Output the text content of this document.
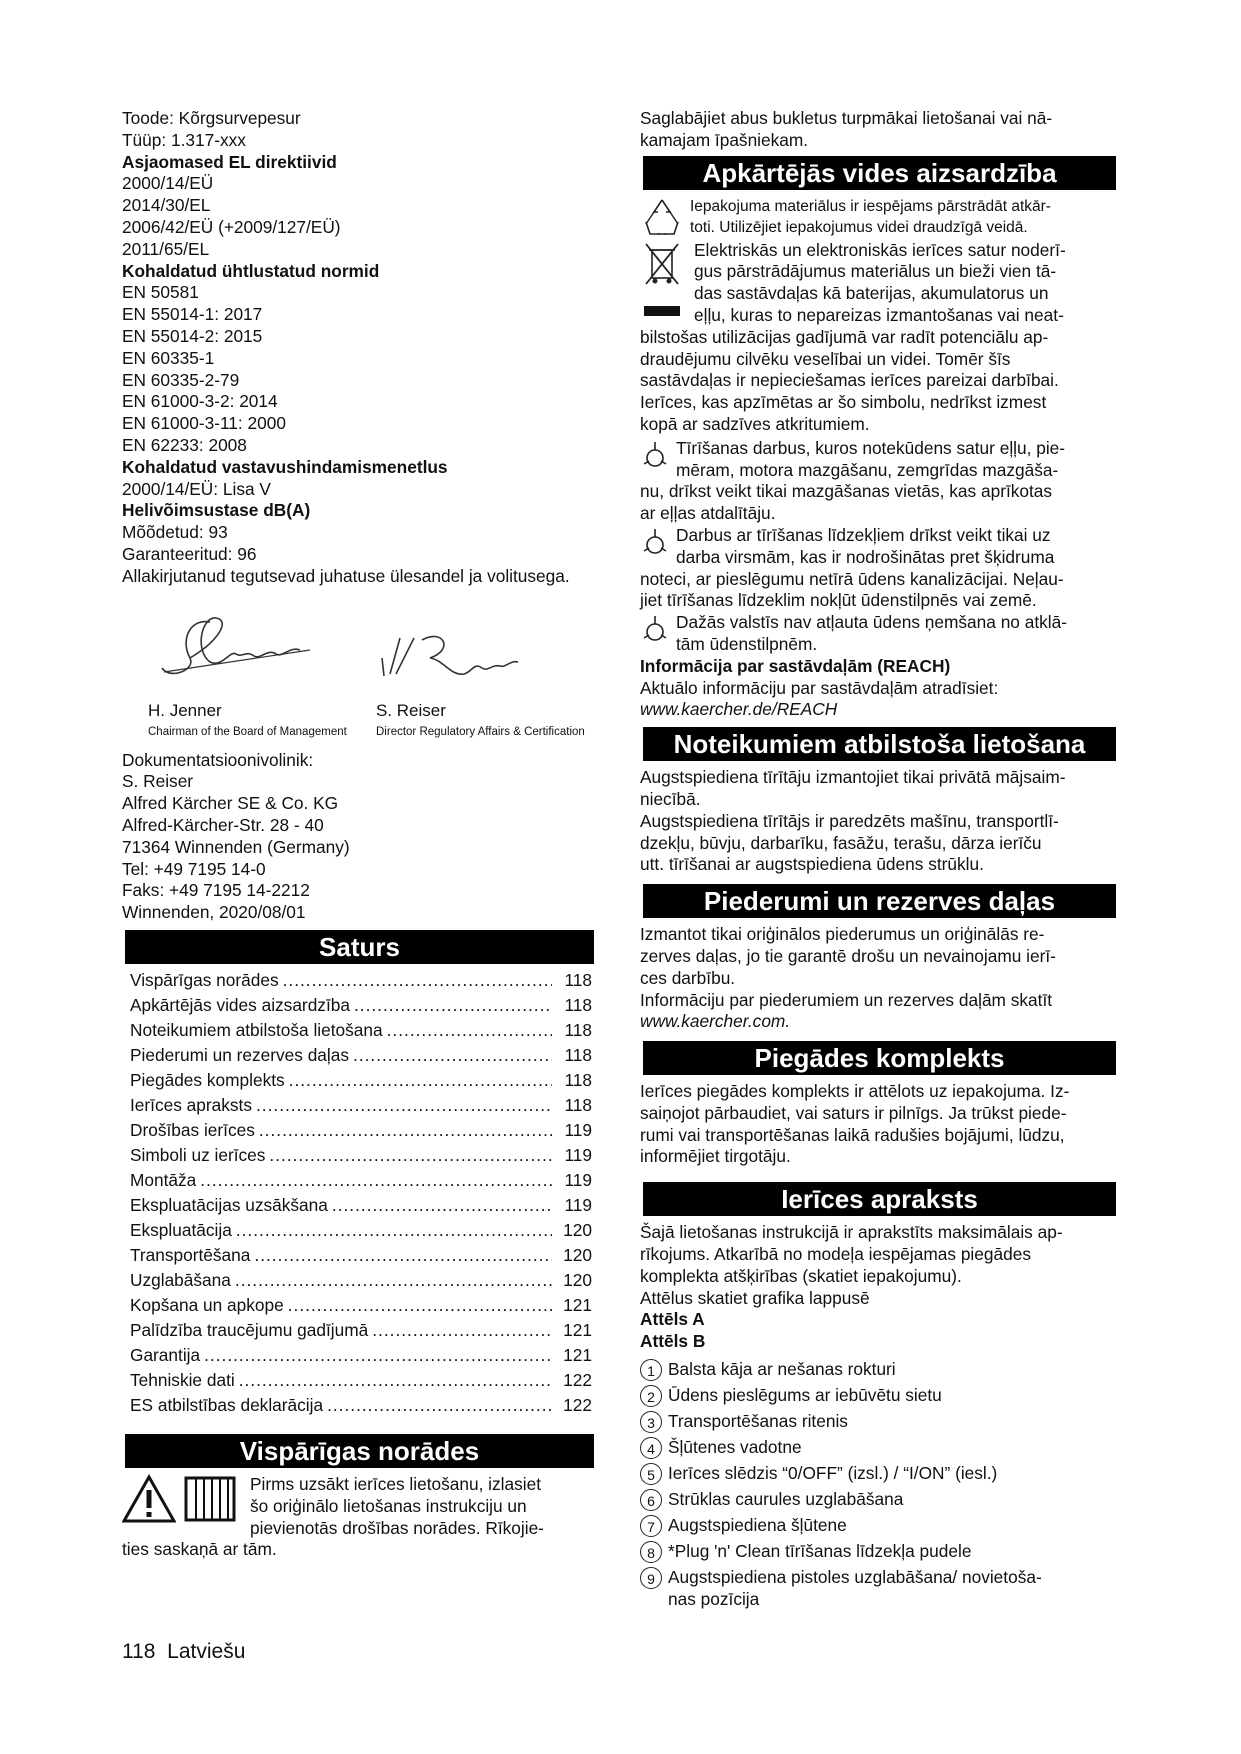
Toode: Kõrgsurvepesur
Tüüp: 1.317-xxx
Asjaomased EL direktiivid
2000/14/EÜ
2014/30/EL
2006/42/EÜ (+2009/127/EÜ)
2011/65/EL
Kohaldatud ühtlustatud normid
EN 50581
EN 55014-1: 2017
EN 55014-2: 2015
EN 60335-1
EN 60335-2-79
EN 61000-3-2: 2014
EN 61000-3-11: 2000
EN 62233: 2008
Kohaldatud vastavushindamismenetlus
2000/14/EÜ: Lisa V
Helivõimsustase dB(A)
Mõõdetud: 93
Garanteeritud: 96
Allakirjutanud tegutsevad juhatuse ülesandel ja volitusega.
H. Jenner
Chairman of the Board of Management
S. Reiser
Director Regulatory Affairs & Certification
Dokumentatsioonivolinik:
S. Reiser
Alfred Kärcher SE & Co. KG
Alfred-Kärcher-Str. 28 - 40
71364 Winnenden (Germany)
Tel: +49 7195 14-0
Faks: +49 7195 14-2212
Winnenden, 2020/08/01
Saturs
Vispārīgas norādes .....	118
Apkārtējās vides aizsardzība .....	118
Noteikumiem atbilstoša lietošana .....	118
Piederumi un rezerves daļas .....	118
Piegādes komplekts .....	118
Ierīces apraksts .....	118
Drošības ierīces .....	119
Simboli uz ierīces .....	119
Montāža .....	119
Ekspluatācijas uzsākšana .....	119
Ekspluatācija .....	120
Transportēšana .....	120
Uzglabāšana .....	120
Kopšana un apkope .....	121
Palīdzība traucējumu gadījumā .....	121
Garantija .....	121
Tehniskie dati .....	122
ES atbilstības deklarācija .....	122
Vispārīgas norādes
Pirms uzsākt ierīces lietošanu, izlasiet
šo oriģinālo lietošanas instrukciju un
pievienotās drošības norādes. Rīkojie-
ties saskaņā ar tām.
Saglabājiet abus bukletus turpmākai lietošanai vai nā-
kamajam īpašniekam.
Apkārtējās vides aizsardzība
Iepakojuma materiālus ir iespējams pārstrādāt atkār-
toti. Utilizējiet iepakojumus videi draudzīgā veidā.
Elektriskās un elektroniskās ierīces satur noderī-
gus pārstrādājumus materiālus un bieži vien tā-
das sastāvdaļas kā baterijas, akumulatorus un
eļļu, kuras to nepareizas izmantošanas vai neat-
bilstošas utilizācijas gadījumā var radīt potenciālu ap-
draudējumu cilvēku veselībai un videi. Tomēr šīs
sastāvdaļas ir nepieciešamas ierīces pareizai darbībai.
Ierīces, kas apzīmētas ar šo simbolu, nedrīkst izmest
kopā ar sadzīves atkritumiem.
Tīrīšanas darbus, kuros notekūdens satur eļļu, pie-
mēram, motora mazgāšanu, zemgrīdas mazgāša-
nu, drīkst veikt tikai mazgāšanas vietās, kas aprīkotas
ar eļļas atdalītāju.
Darbus ar tīrīšanas līdzekļiem drīkst veikt tikai uz
darba virsmām, kas ir nodrošinātas pret šķidruma
noteci, ar pieslēgumu netīrā ūdens kanalizācijai. Neļau-
jiet tīrīšanas līdzeklim nokļūt ūdenstilpnēs vai zemē.
Dažās valstīs nav atļauta ūdens ņemšana no atklā-
tām ūdenstilpnēm.
Informācija par sastāvdaļām (REACH)
Aktuālo informāciju par sastāvdaļām atradīsiet:
www.kaercher.de/REACH
Noteikumiem atbilstoša lietošana
Augstspiediena tīrītāju izmantojiet tikai privātā mājsaim-
niecībā.
Augstspiediena tīrītājs ir paredzēts mašīnu, transportlī-
dzekļu, būvju, darbarīku, fasāžu, terašu, dārza ierīču
utt. tīrīšanai ar augstspiediena ūdens strūklu.
Piederumi un rezerves daļas
Izmantot tikai oriģinālos piederumus un oriģinālās re-
zerves daļas, jo tie garantē drošu un nevainojamu ierī-
ces darbību.
Informāciju par piederumiem un rezerves daļām skatīt
www.kaercher.com.
Piegādes komplekts
Ierīces piegādes komplekts ir attēlots uz iepakojuma. Iz-
saiņojot pārbaudiet, vai saturs ir pilnīgs. Ja trūkst piede-
rumi vai transportēšanas laikā radušies bojājumi, lūdzu,
informējiet tirgotāju.
Ierīces apraksts
Šajā lietošanas instrukcijā ir aprakstīts maksimālais ap-
rīkojums. Atkarībā no modeļa iespējamas piegādes
komplekta atšķirības (skatiet iepakojumu).
Attēlus skatiet grafika lappusē
Attēls A
Attēls B
1 Balsta kāja ar nešanas rokturi
2 Ūdens pieslēgums ar iebūvētu sietu
3 Transportēšanas ritenis
4 Šļūtenes vadotne
5 Ierīces slēdzis “0/OFF” (izsl.) / “I/ON” (iesl.)
6 Strūklas caurules uzglabāšana
7 Augstspiediena šļūtene
8 *Plug 'n' Clean tīrīšanas līdzekļa pudele
9 Augstspiediena pistoles uzglabāšana/ novietoša-
nas pozīcija
118 Latviešu
